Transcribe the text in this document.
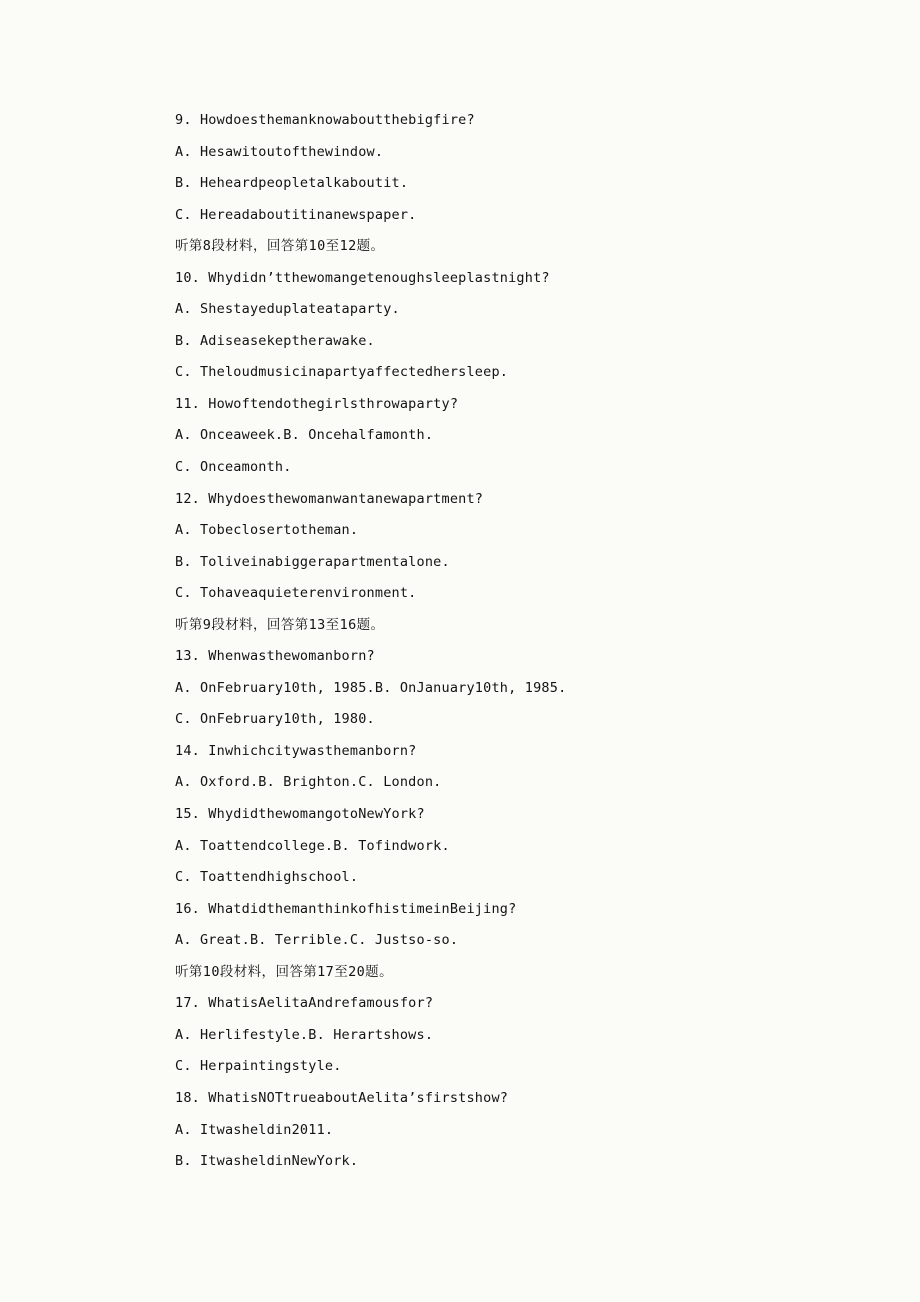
9. Howdoesthemanknowaboutthebigfire?
A. Hesawitoutofthewindow.
B. Heheardpeopletalkaboutit.
C. Hereadaboutitinanewspaper.
听第8段材料，回答第10至12题。
10. Whydidn’tthewomangetenoughsleeplastnight?
A. Shestayeduplateataparty.
B. Adiseasekeptherawake.
C. Theloudmusicinapartyaffectedhersleep.
11. Howoftendothegirlsthrowaparty?
A. Onceaweek.B. Oncehalfamonth.
C. Onceamonth.
12. Whydoesthewomanwantanewapartment?
A. Tobeclosertotheman.
B. Toliveinabiggerapartmentalone.
C. Tohaveaquieterenvironment.
听第9段材料，回答第13至16题。
13. Whenwasthewomanborn?
A. OnFebruary10th, 1985.B. OnJanuary10th, 1985.
C. OnFebruary10th, 1980.
14. Inwhichcitywasthemanborn?
A. Oxford.B. Brighton.C. London.
15. WhydidthewomangotoNewYork?
A. Toattendcollege.B. Tofindwork.
C. Toattendhighschool.
16. WhatdidthemanthinkofhistimeinBeijing?
A. Great.B. Terrible.C. Justso-so.
听第10段材料，回答第17至20题。
17. WhatisAelitaAndrefamousfor?
A. Herlifestyle.B. Herartshows.
C. Herpaintingstyle.
18. WhatisNOTtrueaboutAelita’sfirstshow?
A. Itwasheldin2011.
B. ItwasheldinNewYork.
